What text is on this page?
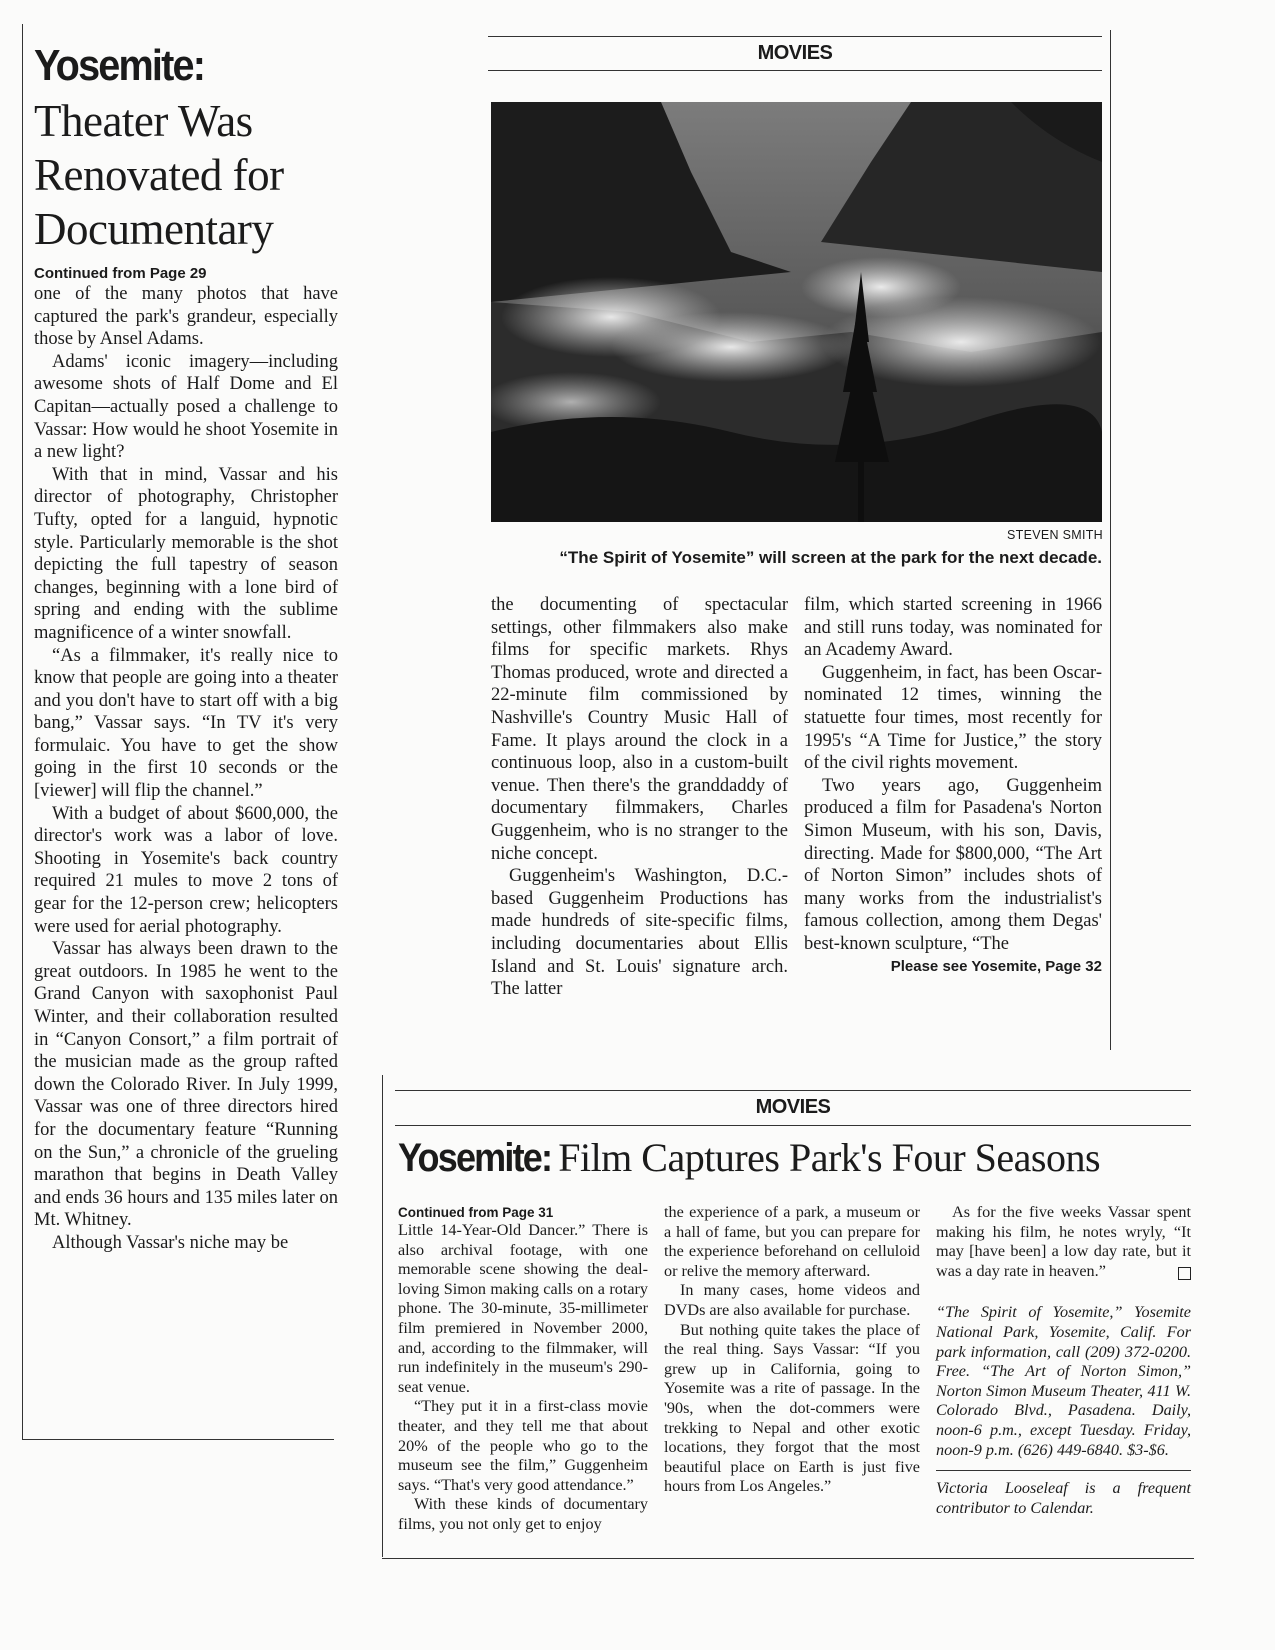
Yosemite:
Theater Was
Renovated for
Documentary
Continued from Page 29

one of the many photos that have captured the park's grandeur, especially those by Ansel Adams.

Adams' iconic imagery—including awesome shots of Half Dome and El Capitan—actually posed a challenge to Vassar: How would he shoot Yosemite in a new light?

With that in mind, Vassar and his director of photography, Christopher Tufty, opted for a languid, hypnotic style. Particularly memorable is the shot depicting the full tapestry of season changes, beginning with a lone bird of spring and ending with the sublime magnificence of a winter snowfall.

“As a filmmaker, it's really nice to know that people are going into a theater and you don't have to start off with a big bang,” Vassar says. “In TV it's very formulaic. You have to get the show going in the first 10 seconds or the [viewer] will flip the channel.”

With a budget of about $600,000, the director's work was a labor of love. Shooting in Yosemite's back country required 21 mules to move 2 tons of gear for the 12-person crew; helicopters were used for aerial photography.

Vassar has always been drawn to the great outdoors. In 1985 he went to the Grand Canyon with saxophonist Paul Winter, and their collaboration resulted in “Canyon Consort,” a film portrait of the musician made as the group rafted down the Colorado River. In July 1999, Vassar was one of three directors hired for the documentary feature “Running on the Sun,” a chronicle of the grueling marathon that begins in Death Valley and ends 36 hours and 135 miles later on Mt. Whitney.

Although Vassar's niche may be

MOVIES
STEVEN SMITH
“The Spirit of Yosemite” will screen at the park for the next decade.

the documenting of spectacular settings, other filmmakers also make films for specific markets. Rhys Thomas produced, wrote and directed a 22-minute film commissioned by Nashville's Country Music Hall of Fame. It plays around the clock in a continuous loop, also in a custom-built venue. Then there's the granddaddy of documentary filmmakers, Charles Guggenheim, who is no stranger to the niche concept.

Guggenheim's Washington, D.C.-based Guggenheim Productions has made hundreds of site-specific films, including documentaries about Ellis Island and St. Louis' signature arch. The latter

film, which started screening in 1966 and still runs today, was nominated for an Academy Award.

Guggenheim, in fact, has been Oscar-nominated 12 times, winning the statuette four times, most recently for 1995's “A Time for Justice,” the story of the civil rights movement.

Two years ago, Guggenheim produced a film for Pasadena's Norton Simon Museum, with his son, Davis, directing. Made for $800,000, “The Art of Norton Simon” includes shots of many works from the industrialist's famous collection, among them Degas' best-known sculpture, “The

Please see Yosemite, Page 32

MOVIES
Yosemite: Film Captures Park's Four Seasons
Continued from Page 31

Little 14-Year-Old Dancer.” There is also archival footage, with one memorable scene showing the deal-loving Simon making calls on a rotary phone. The 30-minute, 35-millimeter film premiered in November 2000, and, according to the filmmaker, will run indefinitely in the museum's 290-seat venue.

“They put it in a first-class movie theater, and they tell me that about 20% of the people who go to the museum see the film,” Guggenheim says. “That's very good attendance.”

With these kinds of documentary films, you not only get to enjoy

the experience of a park, a museum or a hall of fame, but you can prepare for the experience beforehand on celluloid or relive the memory afterward.

In many cases, home videos and DVDs are also available for purchase.

But nothing quite takes the place of the real thing. Says Vassar: “If you grew up in California, going to Yosemite was a rite of passage. In the '90s, when the dot-commers were trekking to Nepal and other exotic locations, they forgot that the most beautiful place on Earth is just five hours from Los Angeles.”

As for the five weeks Vassar spent making his film, he notes wryly, “It may [have been] a low day rate, but it was a day rate in heaven.”

“The Spirit of Yosemite,” Yosemite National Park, Yosemite, Calif. For park information, call (209) 372-0200. Free. “The Art of Norton Simon,” Norton Simon Museum Theater, 411 W. Colorado Blvd., Pasadena. Daily, noon-6 p.m., except Tuesday. Friday, noon-9 p.m. (626) 449-6840. $3-$6.

Victoria Looseleaf is a frequent contributor to Calendar.
